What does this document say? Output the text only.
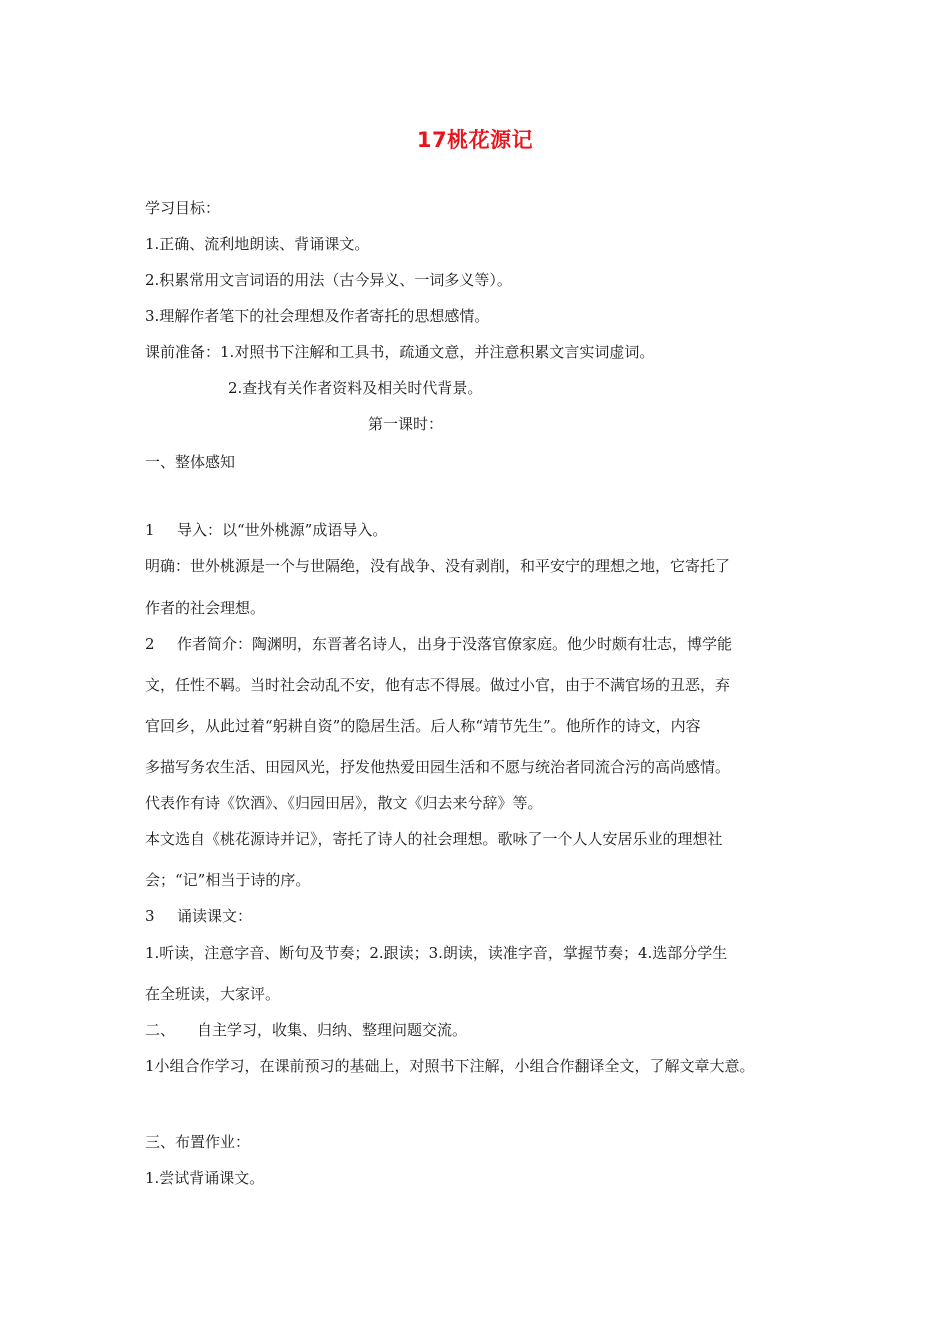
17桃花源记
学习目标：
1.正确、流利地朗读、背诵课文。
2.积累常用文言词语的用法（古今异义、一词多义等）。
3.理解作者笔下的社会理想及作者寄托的思想感情。
课前准备：1.对照书下注解和工具书，疏通文意，并注意积累文言实词虚词。
2.查找有关作者资料及相关时代背景。
第一课时：
一、整体感知
1 导入：以“世外桃源”成语导入。
明确：世外桃源是一个与世隔绝，没有战争、没有剥削，和平安宁的理想之地，它寄托了
作者的社会理想。
2 作者简介：陶渊明，东晋著名诗人，出身于没落官僚家庭。他少时颇有壮志，博学能
文，任性不羁。当时社会动乱不安，他有志不得展。做过小官，由于不满官场的丑恶，弃
官回乡，从此过着“躬耕自资”的隐居生活。后人称“靖节先生”。他所作的诗文，内容
多描写务农生活、田园风光，抒发他热爱田园生活和不愿与统治者同流合污的高尚感情。
代表作有诗《饮酒》、《归园田居》，散文《归去来兮辞》等。
本文选自《桃花源诗并记》，寄托了诗人的社会理想。歌咏了一个人人安居乐业的理想社
会；“记”相当于诗的序。
3 诵读课文：
1.听读，注意字音、断句及节奏；2.跟读；3.朗读，读准字音，掌握节奏；4.选部分学生
在全班读，大家评。
二、 自主学习，收集、归纳、整理问题交流。
1小组合作学习，在课前预习的基础上，对照书下注解，小组合作翻译全文，了解文章大意。
三、布置作业：
1.尝试背诵课文。
